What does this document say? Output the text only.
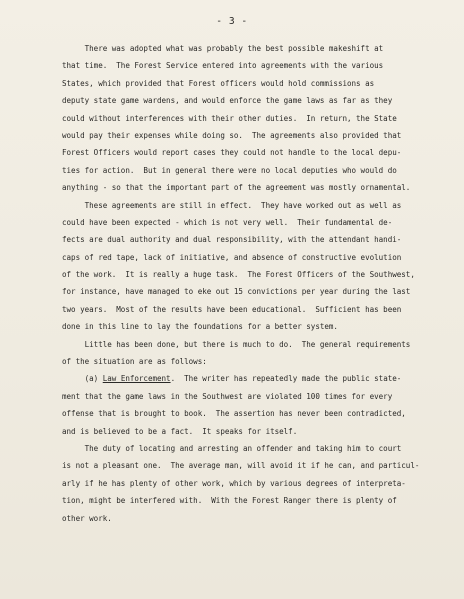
- 3 -
There was adopted what was probably the best possible makeshift at
that time.  The Forest Service entered into agreements with the various
States, which provided that Forest officers would hold commissions as
deputy state game wardens, and would enforce the game laws as far as they
could without interferences with their other duties.  In return, the State
would pay their expenses while doing so.  The agreements also provided that
Forest Officers would report cases they could not handle to the local depu-
ties for action.  But in general there were no local deputies who would do
anything - so that the important part of the agreement was mostly ornamental.
These agreements are still in effect.  They have worked out as well as
could have been expected - which is not very well.  Their fundamental de-
fects are dual authority and dual responsibility, with the attendant handi-
caps of red tape, lack of initiative, and absence of constructive evolution
of the work.  It is really a huge task.  The Forest Officers of the Southwest,
for instance, have managed to eke out 15 convictions per year during the last
two years.  Most of the results have been educational.  Sufficient has been
done in this line to lay the foundations for a better system.
Little has been done, but there is much to do.  The general requirements
of the situation are as follows:
(a) Law Enforcement.  The writer has repeatedly made the public state-
ment that the game laws in the Southwest are violated 100 times for every
offense that is brought to book.  The assertion has never been contradicted,
and is believed to be a fact.  It speaks for itself.
The duty of locating and arresting an offender and taking him to court
is not a pleasant one.  The average man, will avoid it if he can, and particul-
arly if he has plenty of other work, which by various degrees of interpreta-
tion, might be interfered with.  With the Forest Ranger there is plenty of
other work.
